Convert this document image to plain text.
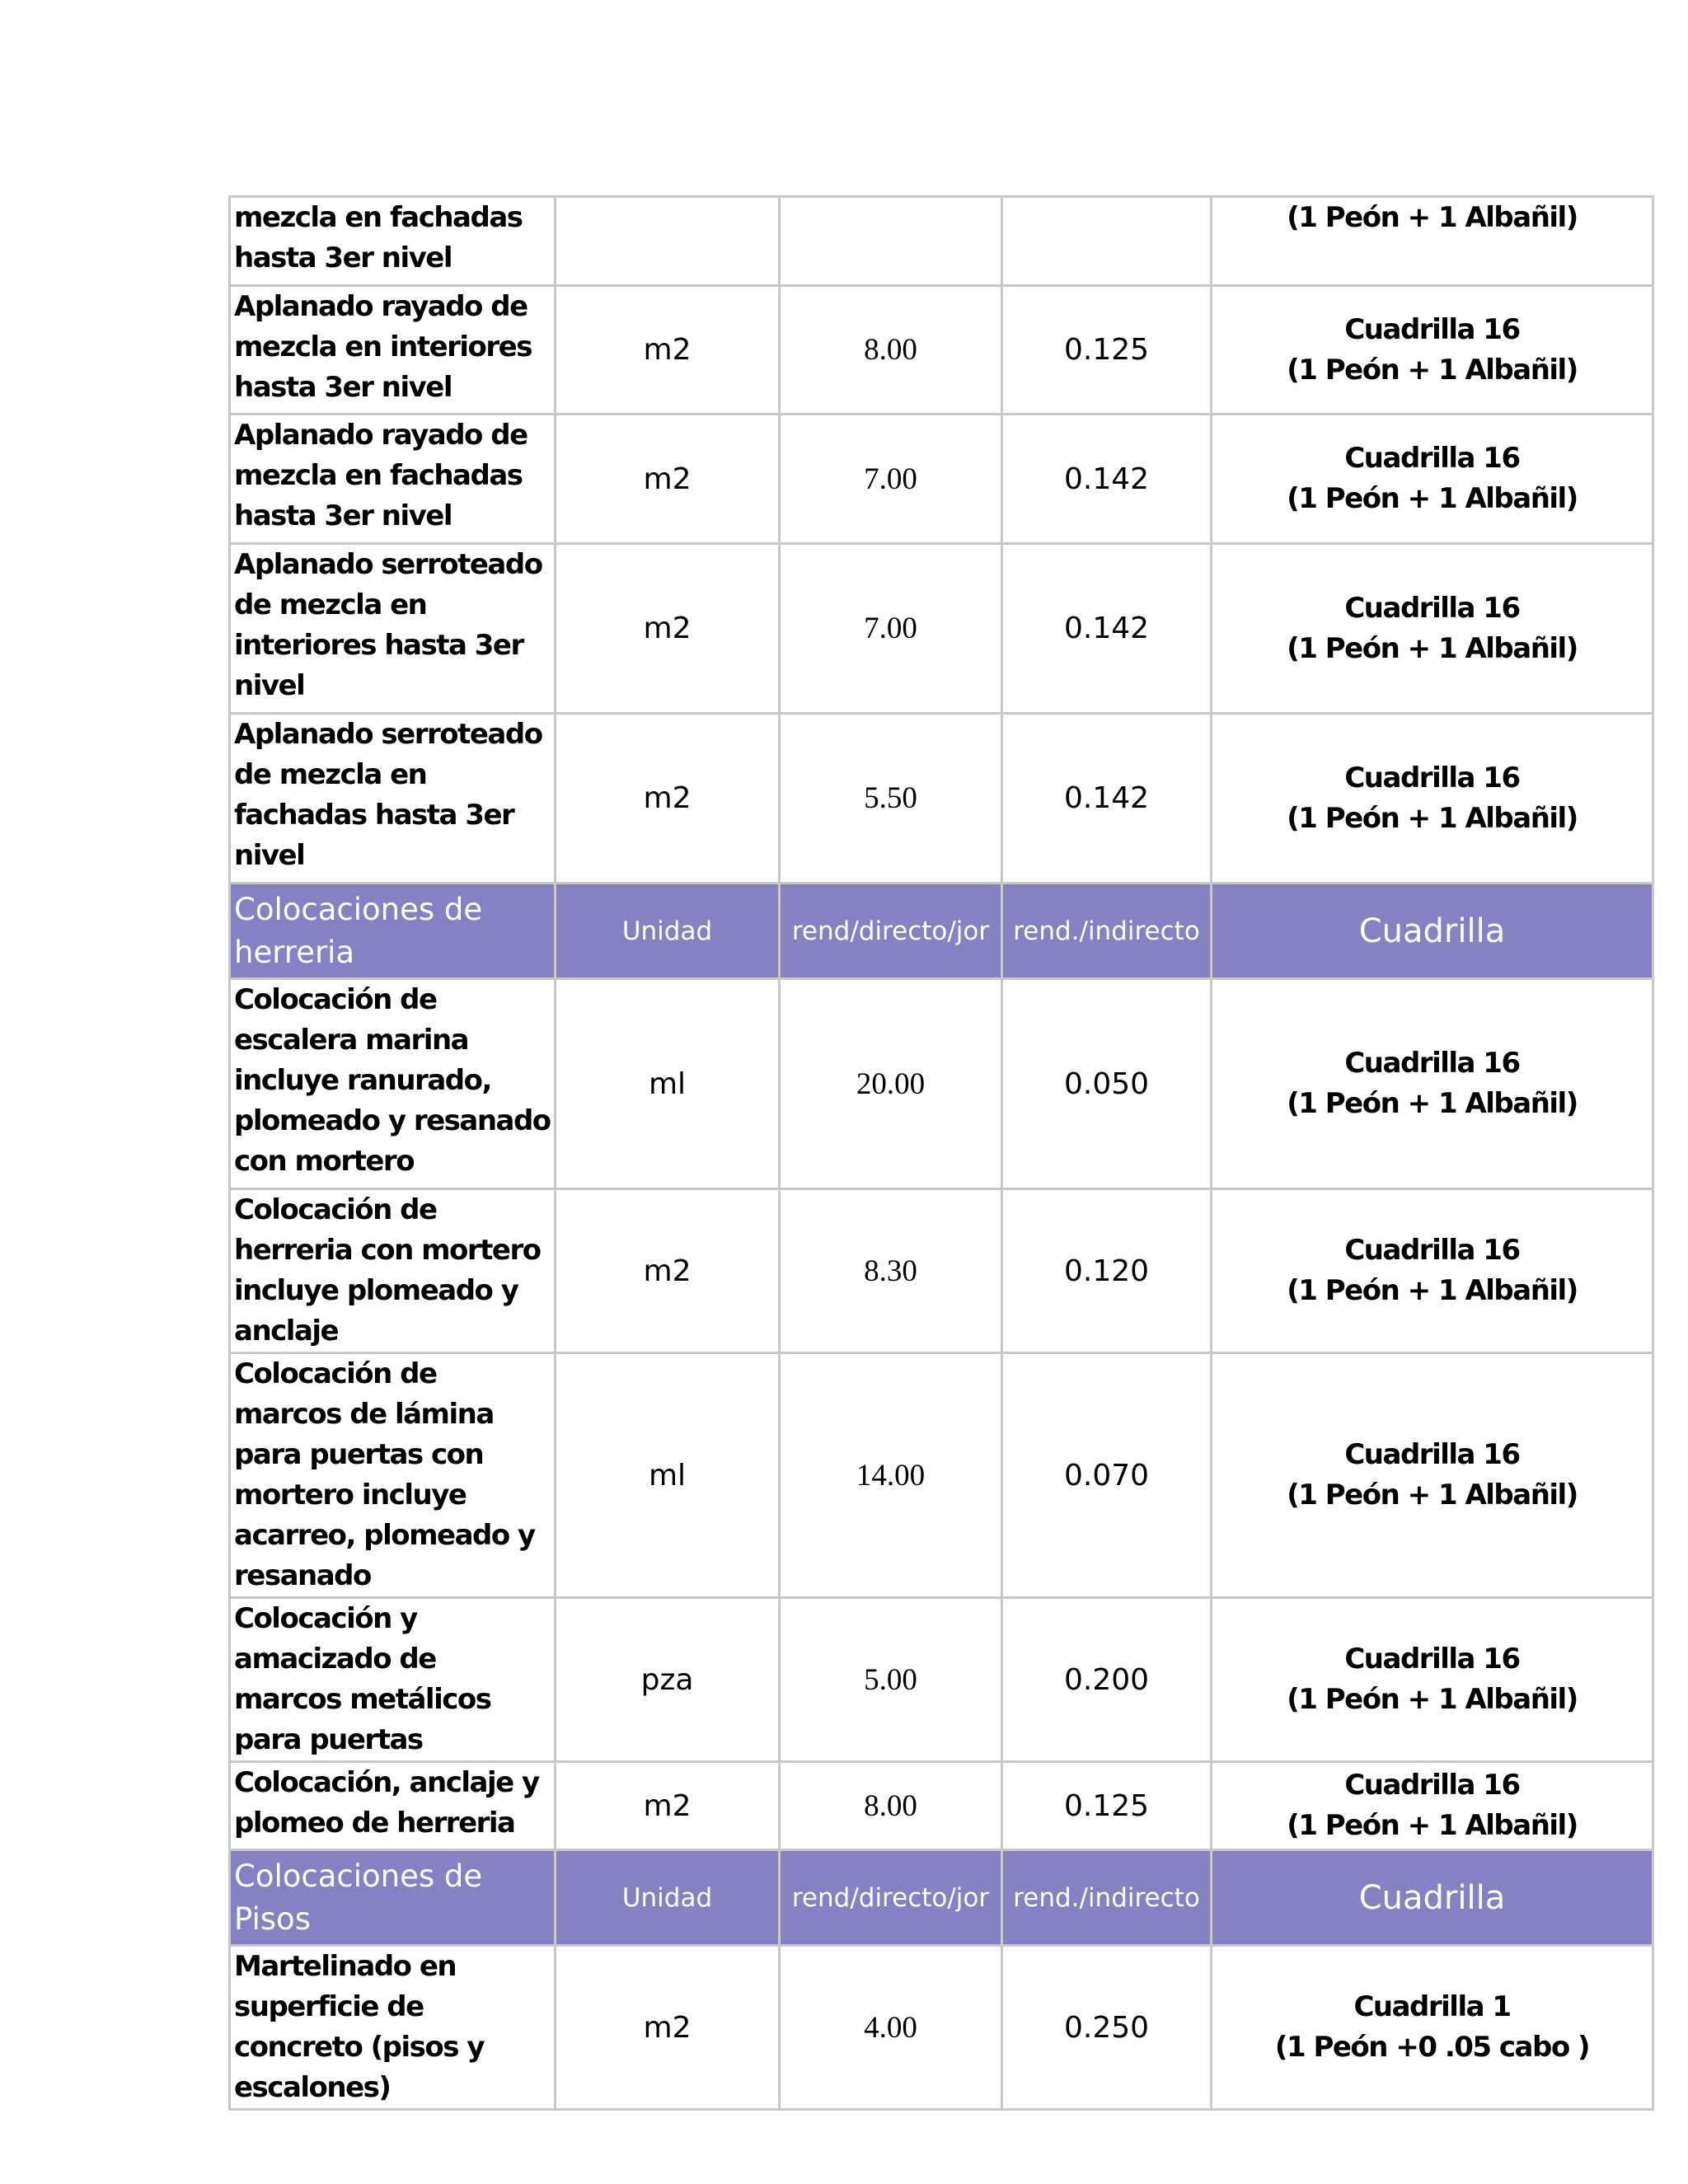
mezcla en fachadas hasta 3er nivel				(1 Peón + 1 Albañil)

Aplanado rayado de mezcla en interiores hasta 3er nivel	m2	8.00	0.125	Cuadrilla 16
(1 Peón + 1 Albañil)

Aplanado rayado de mezcla en fachadas hasta 3er nivel	m2	7.00	0.142	Cuadrilla 16
(1 Peón + 1 Albañil)

Aplanado serroteado de mezcla en interiores hasta 3er nivel	m2	7.00	0.142	Cuadrilla 16
(1 Peón + 1 Albañil)

Aplanado serroteado de mezcla en fachadas hasta 3er nivel	m2	5.50	0.142	Cuadrilla 16
(1 Peón + 1 Albañil)

Colocaciones de herreria	Unidad	rend/directo/jor	rend./indirecto	Cuadrilla
Colocación de escalera marina incluye ranurado, plomeado y resanado con mortero	ml	20.00	0.050	Cuadrilla 16
(1 Peón + 1 Albañil)

Colocación de herreria con mortero incluye plomeado y anclaje	m2	8.30	0.120	Cuadrilla 16
(1 Peón + 1 Albañil)

Colocación de marcos de lámina para puertas con mortero incluye acarreo, plomeado y resanado	ml	14.00	0.070	Cuadrilla 16
(1 Peón + 1 Albañil)

Colocación y amacizado de marcos metálicos para puertas	pza	5.00	0.200	Cuadrilla 16
(1 Peón + 1 Albañil)

Colocación, anclaje y plomeo de herreria	m2	8.00	0.125	Cuadrilla 16
(1 Peón + 1 Albañil)

Colocaciones de Pisos	Unidad	rend/directo/jor	rend./indirecto	Cuadrilla
Martelinado en superficie de concreto (pisos y escalones)	m2	4.00	0.250	Cuadrilla 1
(1 Peón +0 .05 cabo )
